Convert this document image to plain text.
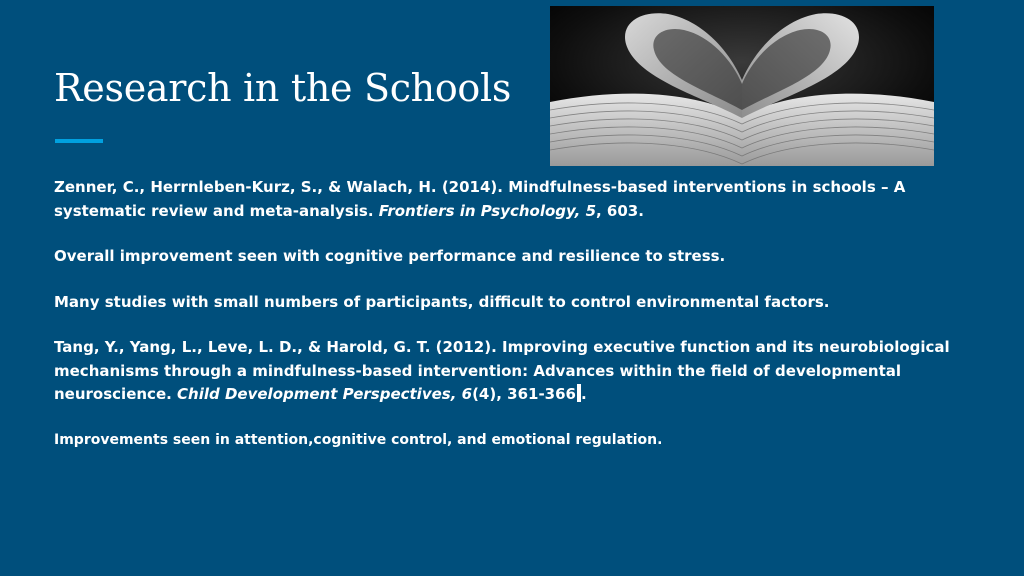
Research in the Schools

Zenner, C., Herrnleben-Kurz, S., & Walach, H. (2014). Mindfulness-based interventions in schools – A systematic review and meta-analysis. Frontiers in Psychology, 5, 603.

Overall improvement seen with cognitive performance and resilience to stress.

Many studies with small numbers of participants, difficult to control environmental factors.

Tang, Y., Yang, L., Leve, L. D., & Harold, G. T. (2012). Improving executive function and its neurobiological mechanisms through a mindfulness-based intervention: Advances within the field of developmental neuroscience. Child Development Perspectives, 6(4), 361-366 .

Improvements seen in attention,cognitive control, and emotional regulation.
